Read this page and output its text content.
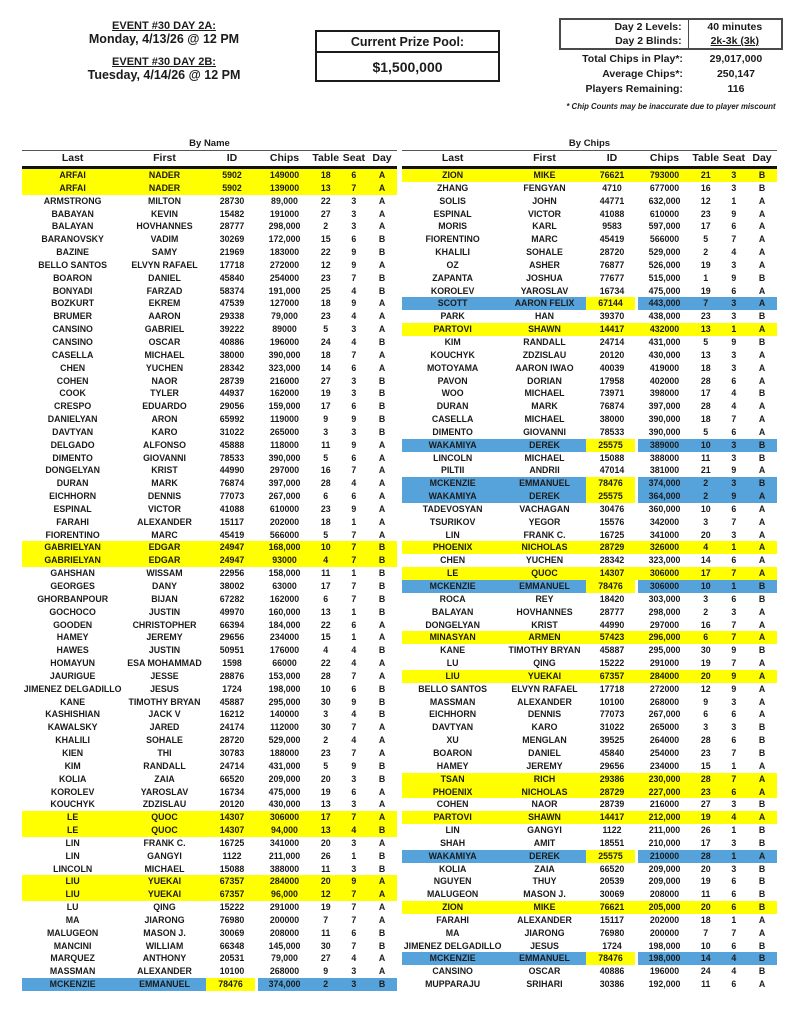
EVENT #30 DAY 2A:
Monday, 4/13/26 @ 12 PM
EVENT #30 DAY 2B:
Tuesday, 4/14/26 @ 12 PM
Current Prize Pool:
$1,500,000
Day 2 Levels:	40 minutes
Day 2 Blinds:	2k-3k (3k)
Total Chips in Play*:	29,017,000
Average Chips*:	250,147
Players Remaining:	116
* Chip Counts may be inaccurate due to player miscount
By Name
Last	First	ID	Chips	Table Seat Day
ARFAI	NADER	5902	149000	18	6	A
ARFAI	NADER	5902	139000	13	7	A
ARMSTRONG	MILTON	28730	89,000	22	3	A
BABAYAN	KEVIN	15482	191000	27	3	A
BALAYAN	HOVHANNES	28777	298,000	2	3	A
BARANOVSKY	VADIM	30269	172,000	15	6	B
BAZINE	SAMY	21969	183000	22	9	B
BELLO SANTOS	ELVYN RAFAEL	17718	272000	12	9	A
BOARON	DANIEL	45840	254000	23	7	B
BONYADI	FARZAD	58374	191,000	25	4	B
BOZKURT	EKREM	47539	127000	18	9	A
BRUMER	AARON	29338	79,000	23	4	A
CANSINO	GABRIEL	39222	89000	5	3	A
CANSINO	OSCAR	40886	196000	24	4	B
CASELLA	MICHAEL	38000	390,000	18	7	A
CHEN	YUCHEN	28342	323,000	14	6	A
COHEN	NAOR	28739	216000	27	3	B
COOK	TYLER	44937	162000	19	3	B
CRESPO	EDUARDO	29056	159,000	17	6	B
DANIELYAN	ARON	65992	119000	9	9	B
DAVTYAN	KARO	31022	265000	3	3	B
DELGADO	ALFONSO	45888	118000	11	9	A
DIMENTO	GIOVANNI	78533	390,000	5	6	A
DONGELYAN	KRIST	44990	297000	16	7	A
DURAN	MARK	76874	397,000	28	4	A
EICHHORN	DENNIS	77073	267,000	6	6	A
ESPINAL	VICTOR	41088	610000	23	9	A
FARAHI	ALEXANDER	15117	202000	18	1	A
FIORENTINO	MARC	45419	566000	5	7	A
GABRIELYAN	EDGAR	24947	168,000	10	7	B
GABRIELYAN	EDGAR	24947	93000	4	7	B
GAHSHAN	WISSAM	22956	158,000	11	1	B
GEORGES	DANY	38002	63000	17	7	B
GHORBANPOUR	BIJAN	67282	162000	6	7	B
GOCHOCO	JUSTIN	49970	160,000	13	1	B
GOODEN	CHRISTOPHER	66394	184,000	22	6	A
HAMEY	JEREMY	29656	234000	15	1	A
HAWES	JUSTIN	50951	176000	4	4	B
HOMAYUN	ESA MOHAMMAD	1598	66000	22	4	A
JAURIGUE	JESSE	28876	153,000	28	7	A
JIMENEZ DELGADILLO	JESUS	1724	198,000	10	6	B
KANE	TIMOTHY BRYAN	45887	295,000	30	9	B
KASHISHIAN	JACK V	16212	140000	3	4	B
KAWALSKY	JARED	24174	112000	30	7	A
KHALILI	SOHALE	28720	529,000	2	4	A
KIEN	THI	30783	188000	23	7	A
KIM	RANDALL	24714	431,000	5	9	B
KOLIA	ZAIA	66520	209,000	20	3	B
KOROLEV	YAROSLAV	16734	475,000	19	6	A
KOUCHYK	ZDZISLAU	20120	430,000	13	3	A
LE	QUOC	14307	306000	17	7	A
LE	QUOC	14307	94,000	13	4	B
LIN	FRANK C.	16725	341000	20	3	A
LIN	GANGYI	1122	211,000	26	1	B
LINCOLN	MICHAEL	15088	388000	11	3	B
LIU	YUEKAI	67357	284000	20	9	A
LIU	YUEKAI	67357	96,000	12	7	A
LU	QING	15222	291000	19	7	A
MA	JIARONG	76980	200000	7	7	A
MALUGEON	MASON J.	30069	208000	11	6	B
MANCINI	WILLIAM	66348	145,000	30	7	B
MARQUEZ	ANTHONY	20531	79,000	27	4	A
MASSMAN	ALEXANDER	10100	268000	9	3	A
MCKENZIE	EMMANUEL	78476	374,000	2	3	B
By Chips
Last	First	ID	Chips	Table Seat Day
ZION	MIKE	76621	793000	21	3	B
ZHANG	FENGYAN	4710	677000	16	3	B
SOLIS	JOHN	44771	632,000	12	1	A
ESPINAL	VICTOR	41088	610000	23	9	A
MORIS	KARL	9583	597,000	17	6	A
FIORENTINO	MARC	45419	566000	5	7	A
KHALILI	SOHALE	28720	529,000	2	4	A
OZ	ASHER	76877	526,000	19	3	A
ZAPANTA	JOSHUA	77677	515,000	1	9	B
KOROLEV	YAROSLAV	16734	475,000	19	6	A
SCOTT	AARON FELIX	67144	443,000	7	3	A
PARK	HAN	39370	438,000	23	3	B
PARTOVI	SHAWN	14417	432000	13	1	A
KIM	RANDALL	24714	431,000	5	9	B
KOUCHYK	ZDZISLAU	20120	430,000	13	3	A
MOTOYAMA	AARON IWAO	40039	419000	18	3	A
PAVON	DORIAN	17958	402000	28	6	A
WOO	MICHAEL	73971	398000	17	4	B
DURAN	MARK	76874	397,000	28	4	A
CASELLA	MICHAEL	38000	390,000	18	7	A
DIMENTO	GIOVANNI	78533	390,000	5	6	A
WAKAMIYA	DEREK	25575	389000	10	3	B
LINCOLN	MICHAEL	15088	388000	11	3	B
PILTII	ANDRII	47014	381000	21	9	A
MCKENZIE	EMMANUEL	78476	374,000	2	3	B
WAKAMIYA	DEREK	25575	364,000	2	9	A
TADEVOSYAN	VACHAGAN	30476	360,000	10	6	A
TSURIKOV	YEGOR	15576	342000	3	7	A
LIN	FRANK C.	16725	341000	20	3	A
PHOENIX	NICHOLAS	28729	326000	4	1	A
CHEN	YUCHEN	28342	323,000	14	6	A
LE	QUOC	14307	306000	17	7	A
MCKENZIE	EMMANUEL	78476	306000	10	1	B
ROCA	REY	18420	303,000	3	6	B
BALAYAN	HOVHANNES	28777	298,000	2	3	A
DONGELYAN	KRIST	44990	297000	16	7	A
MINASYAN	ARMEN	57423	296,000	6	7	A
KANE	TIMOTHY BRYAN	45887	295,000	30	9	B
LU	QING	15222	291000	19	7	A
LIU	YUEKAI	67357	284000	20	9	A
BELLO SANTOS	ELVYN RAFAEL	17718	272000	12	9	A
MASSMAN	ALEXANDER	10100	268000	9	3	A
EICHHORN	DENNIS	77073	267,000	6	6	A
DAVTYAN	KARO	31022	265000	3	3	B
XU	MENGLAN	39525	264000	28	6	B
BOARON	DANIEL	45840	254000	23	7	B
HAMEY	JEREMY	29656	234000	15	1	A
TSAN	RICH	29386	230,000	28	7	A
PHOENIX	NICHOLAS	28729	227,000	23	6	A
COHEN	NAOR	28739	216000	27	3	B
PARTOVI	SHAWN	14417	212,000	19	4	A
LIN	GANGYI	1122	211,000	26	1	B
SHAH	AMIT	18551	210,000	17	3	B
WAKAMIYA	DEREK	25575	210000	28	1	A
KOLIA	ZAIA	66520	209,000	20	3	B
NGUYEN	THUY	20539	209,000	19	6	B
MALUGEON	MASON J.	30069	208000	11	6	B
ZION	MIKE	76621	205,000	20	6	B
FARAHI	ALEXANDER	15117	202000	18	1	A
MA	JIARONG	76980	200000	7	7	A
JIMENEZ DELGADILLO	JESUS	1724	198,000	10	6	B
MCKENZIE	EMMANUEL	78476	198,000	14	4	B
CANSINO	OSCAR	40886	196000	24	4	B
MUPPARAJU	SRIHARI	30386	192,000	11	6	A
